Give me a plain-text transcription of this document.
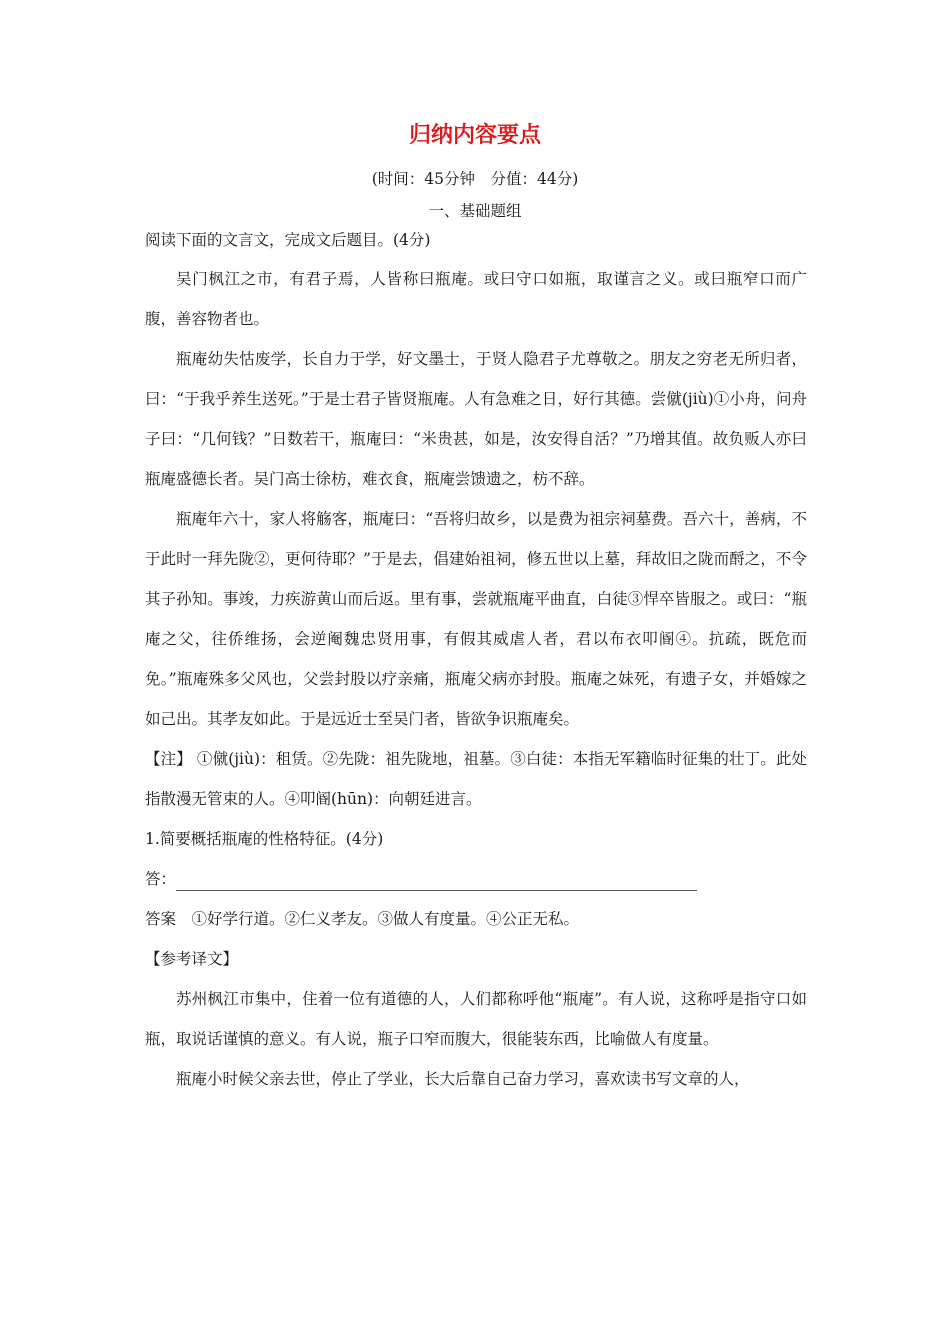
归纳内容要点
(时间：45分钟　分值：44分)
一、基础题组

阅读下面的文言文，完成文后题目。(4分)

吴门枫江之市，有君子焉，人皆称曰瓶庵。或曰守口如瓶，取谨言之义。或曰瓶窄口而广腹，善容物者也。

瓶庵幼失怙废学，长自力于学，好文墨士，于贤人隐君子尤尊敬之。朋友之穷老无所归者，曰：“于我乎养生送死。”于是士君子皆贤瓶庵。人有急难之日，好行其德。尝僦(jiù)①小舟，问舟子曰：“几何钱？”日数若干，瓶庵曰：“米贵甚，如是，汝安得自活？”乃增其值。故负贩人亦曰瓶庵盛德长者。吴门高士徐枋，难衣食，瓶庵尝馈遗之，枋不辞。

瓶庵年六十，家人将觞客，瓶庵曰：“吾将归故乡，以是费为祖宗祠墓费。吾六十，善病，不于此时一拜先陇②，更何待耶？”于是去，倡建始祖祠，修五世以上墓，拜故旧之陇而酹之，不令其子孙知。事竣，力疾游黄山而后返。里有事，尝就瓶庵平曲直，白徒③悍卒皆服之。或曰：“瓶庵之父，往侨维扬，会逆阉魏忠贤用事，有假其威虐人者，君以布衣叩阍④。抗疏，既危而免。”瓶庵殊多父风也，父尝封股以疗亲痛，瓶庵父病亦封股。瓶庵之妹死，有遗子女，并婚嫁之如己出。其孝友如此。于是远近士至吴门者，皆欲争识瓶庵矣。

【注】 ①僦(jiù)：租赁。②先陇：祖先陇地，祖墓。③白徒：本指无军籍临时征集的壮丁。此处指散漫无管束的人。④叩阍(hūn)：向朝廷进言。

1.简要概括瓶庵的性格特征。(4分)

答：

答案　①好学行道。②仁义孝友。③做人有度量。④公正无私。

【参考译文】

苏州枫江市集中，住着一位有道德的人，人们都称呼他“瓶庵”。有人说，这称呼是指守口如瓶，取说话谨慎的意义。有人说，瓶子口窄而腹大，很能装东西，比喻做人有度量。

瓶庵小时候父亲去世，停止了学业，长大后靠自己奋力学习，喜欢读书写文章的人，
